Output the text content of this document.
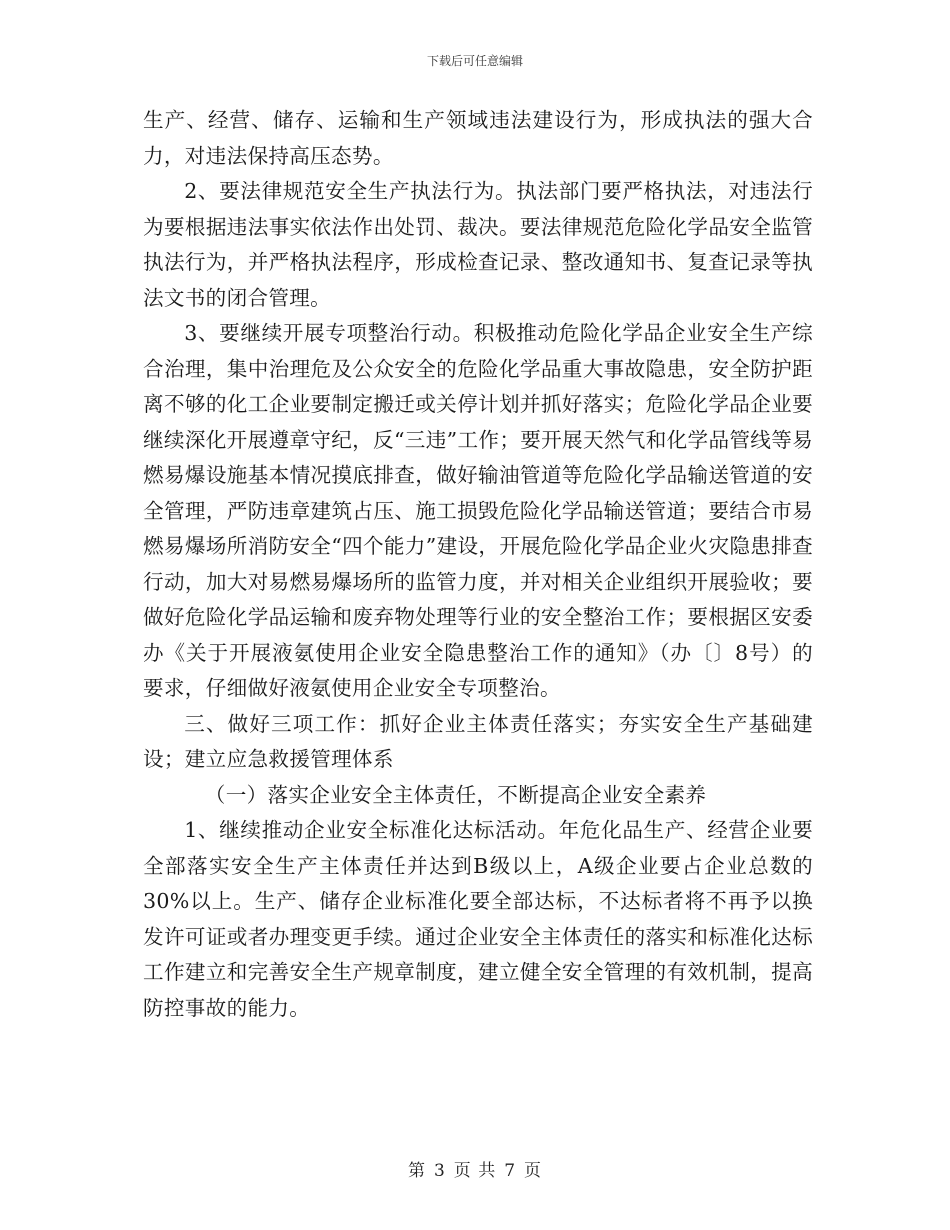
下载后可任意编辑

生产、经营、储存、运输和生产领域违法建设行为，形成执法的强大合力，对违法保持高压态势。

2、要法律规范安全生产执法行为。执法部门要严格执法，对违法行为要根据违法事实依法作出处罚、裁决。要法律规范危险化学品安全监管执法行为，并严格执法程序，形成检查记录、整改通知书、复查记录等执法文书的闭合管理。

3、要继续开展专项整治行动。积极推动危险化学品企业安全生产综合治理，集中治理危及公众安全的危险化学品重大事故隐患，安全防护距离不够的化工企业要制定搬迁或关停计划并抓好落实；危险化学品企业要继续深化开展遵章守纪，反“三违”工作；要开展天然气和化学品管线等易燃易爆设施基本情况摸底排查，做好输油管道等危险化学品输送管道的安全管理，严防违章建筑占压、施工损毁危险化学品输送管道；要结合市易燃易爆场所消防安全“四个能力”建设，开展危险化学品企业火灾隐患排查行动，加大对易燃易爆场所的监管力度，并对相关企业组织开展验收；要做好危险化学品运输和废弃物处理等行业的安全整治工作；要根据区安委办《关于开展液氨使用企业安全隐患整治工作的通知》（办〔〕8号）的要求，仔细做好液氨使用企业安全专项整治。

三、做好三项工作：抓好企业主体责任落实；夯实安全生产基础建设；建立应急救援管理体系

（一）落实企业安全主体责任，不断提高企业安全素养

1、继续推动企业安全标准化达标活动。年危化品生产、经营企业要全部落实安全生产主体责任并达到B级以上，A级企业要占企业总数的30%以上。生产、储存企业标准化要全部达标，不达标者将不再予以换发许可证或者办理变更手续。通过企业安全主体责任的落实和标准化达标工作建立和完善安全生产规章制度，建立健全安全管理的有效机制，提高防控事故的能力。

第 3 页 共 7 页
